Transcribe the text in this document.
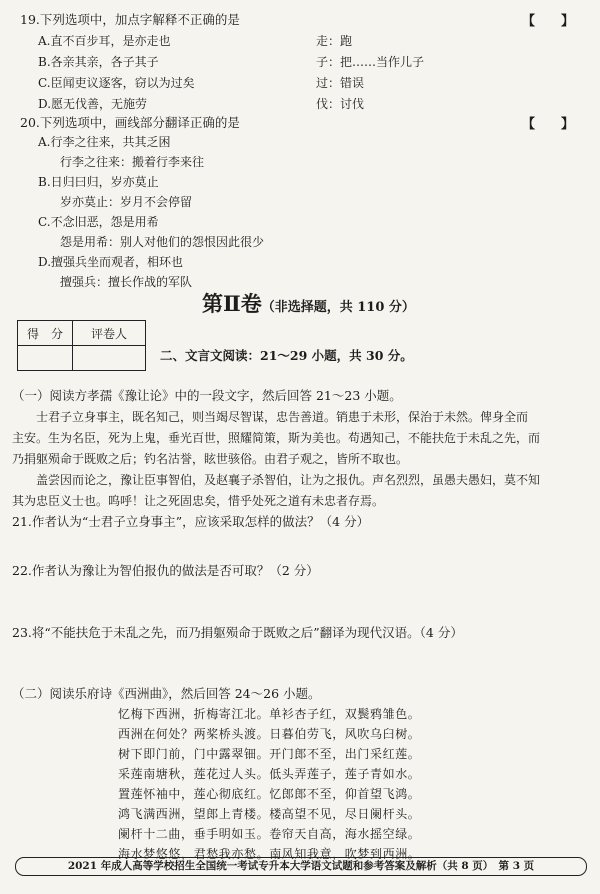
19.下列选项中，加点字解释不正确的是	【　　】
A.直不百步耳，是亦走也	走：跑
B.各亲其亲，各子其子	子：把……当作儿子
C.臣闻吏议逐客，窃以为过矣	过：错误
D.愿无伐善，无施劳	伐：讨伐
20.下列选项中，画线部分翻译正确的是	【　　】
A.行李之往来，共其乏困
行李之往来：搬着行李来往
B.日归曰归，岁亦莫止
岁亦莫止：岁月不会停留
C.不念旧恶，怨是用希
怨是用希：别人对他们的怨恨因此很少
D.擅强兵坐而观者，相环也
擅强兵：擅长作战的军队
第Ⅱ卷（非选择题，共 110 分）
得　分	评卷人

二、文言文阅读：21～29 小题，共 30 分。
（一）阅读方孝孺《豫让论》中的一段文字，然后回答 21～23 小题。
　　士君子立身事主，既名知己，则当竭尽智谋，忠告善道。销患于未形，保治于未然。俾身全而
主安。生为名臣，死为上鬼，垂光百世，照耀简策，斯为美也。苟遇知己，不能扶危于未乱之先，而
乃捐躯殒命于既败之后；钓名沽誉，眩世骇俗。由君子观之，皆所不取也。
　　盖尝因而论之，豫让臣事智伯，及赵襄子杀智伯，让为之报仇。声名烈烈，虽愚夫愚妇，莫不知
其为忠臣义士也。呜呼！让之死固忠矣，惜乎处死之道有未忠者存焉。
21.作者认为“士君子立身事主”，应该采取怎样的做法？（4 分）
22.作者认为豫让为智伯报仇的做法是否可取？（2 分）
23.将“不能扶危于未乱之先，而乃捐躯殒命于既败之后”翻译为现代汉语。（4 分）
（二）阅读乐府诗《西洲曲》，然后回答 24～26 小题。
忆梅下西洲，折梅寄江北。单衫杏子红，双鬓鸦雏色。
西洲在何处？两桨桥头渡。日暮伯劳飞，风吹乌臼树。
树下即门前，门中露翠钿。开门郎不至，出门采红莲。
采莲南塘秋，莲花过人头。低头弄莲子，莲子青如水。
置莲怀袖中，莲心彻底红。忆郎郎不至，仰首望飞鸿。
鸿飞满西洲，望郎上青楼。楼高望不见，尽日阑杆头。
阑杆十二曲，垂手明如玉。卷帘天自高，海水摇空绿。
海水梦悠悠，君愁我亦愁。南风知我意，吹梦到西洲。
2021 年成人高等学校招生全国统一考试专升本大学语文试题和参考答案及解析（共 8 页）　第 3 页
